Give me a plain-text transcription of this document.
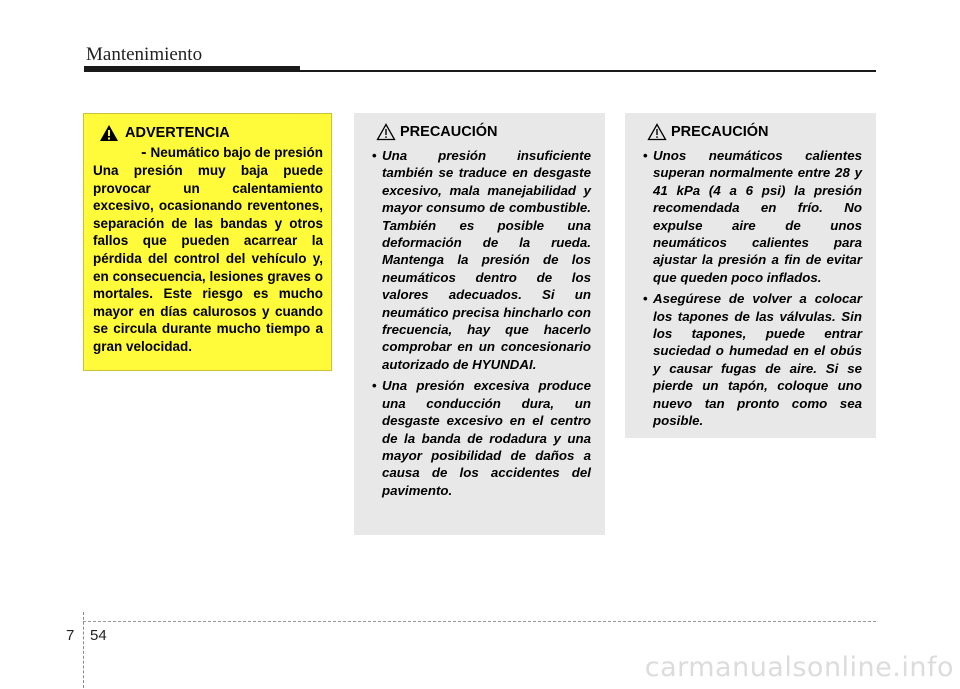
Mantenimiento
ADVERTENCIA
- Neumático bajo de presión
Una presión muy baja puede provocar un calentamiento excesivo, ocasionando reventones, separación de las bandas y otros fallos que pueden acarrear la pérdida del control del vehículo y, en consecuencia, lesiones graves o mortales. Este riesgo es mucho mayor en días calurosos y cuando se circula durante mucho tiempo a gran velocidad.
PRECAUCIÓN
• Una presión insuficiente también se traduce en desgaste excesivo, mala manejabilidad y mayor consumo de combustible. También es posible una deformación de la rueda. Mantenga la presión de los neumáticos dentro de los valores adecuados. Si un neumático precisa hincharlo con frecuencia, hay que hacerlo comprobar en un concesionario autorizado de HYUNDAI.
• Una presión excesiva produce una conducción dura, un desgaste excesivo en el centro de la banda de rodadura y una mayor posibilidad de daños a causa de los accidentes del pavimento.
PRECAUCIÓN
• Unos neumáticos calientes superan normalmente entre 28 y 41 kPa (4 a 6 psi) la presión recomendada en frío. No expulse aire de unos neumáticos calientes para ajustar la presión a fin de evitar que queden poco inflados.
• Asegúrese de volver a colocar los tapones de las válvulas. Sin los tapones, puede entrar suciedad o humedad en el obús y causar fugas de aire. Si se pierde un tapón, coloque uno nuevo tan pronto como sea posible.
7 54
carmanualsonline.info
